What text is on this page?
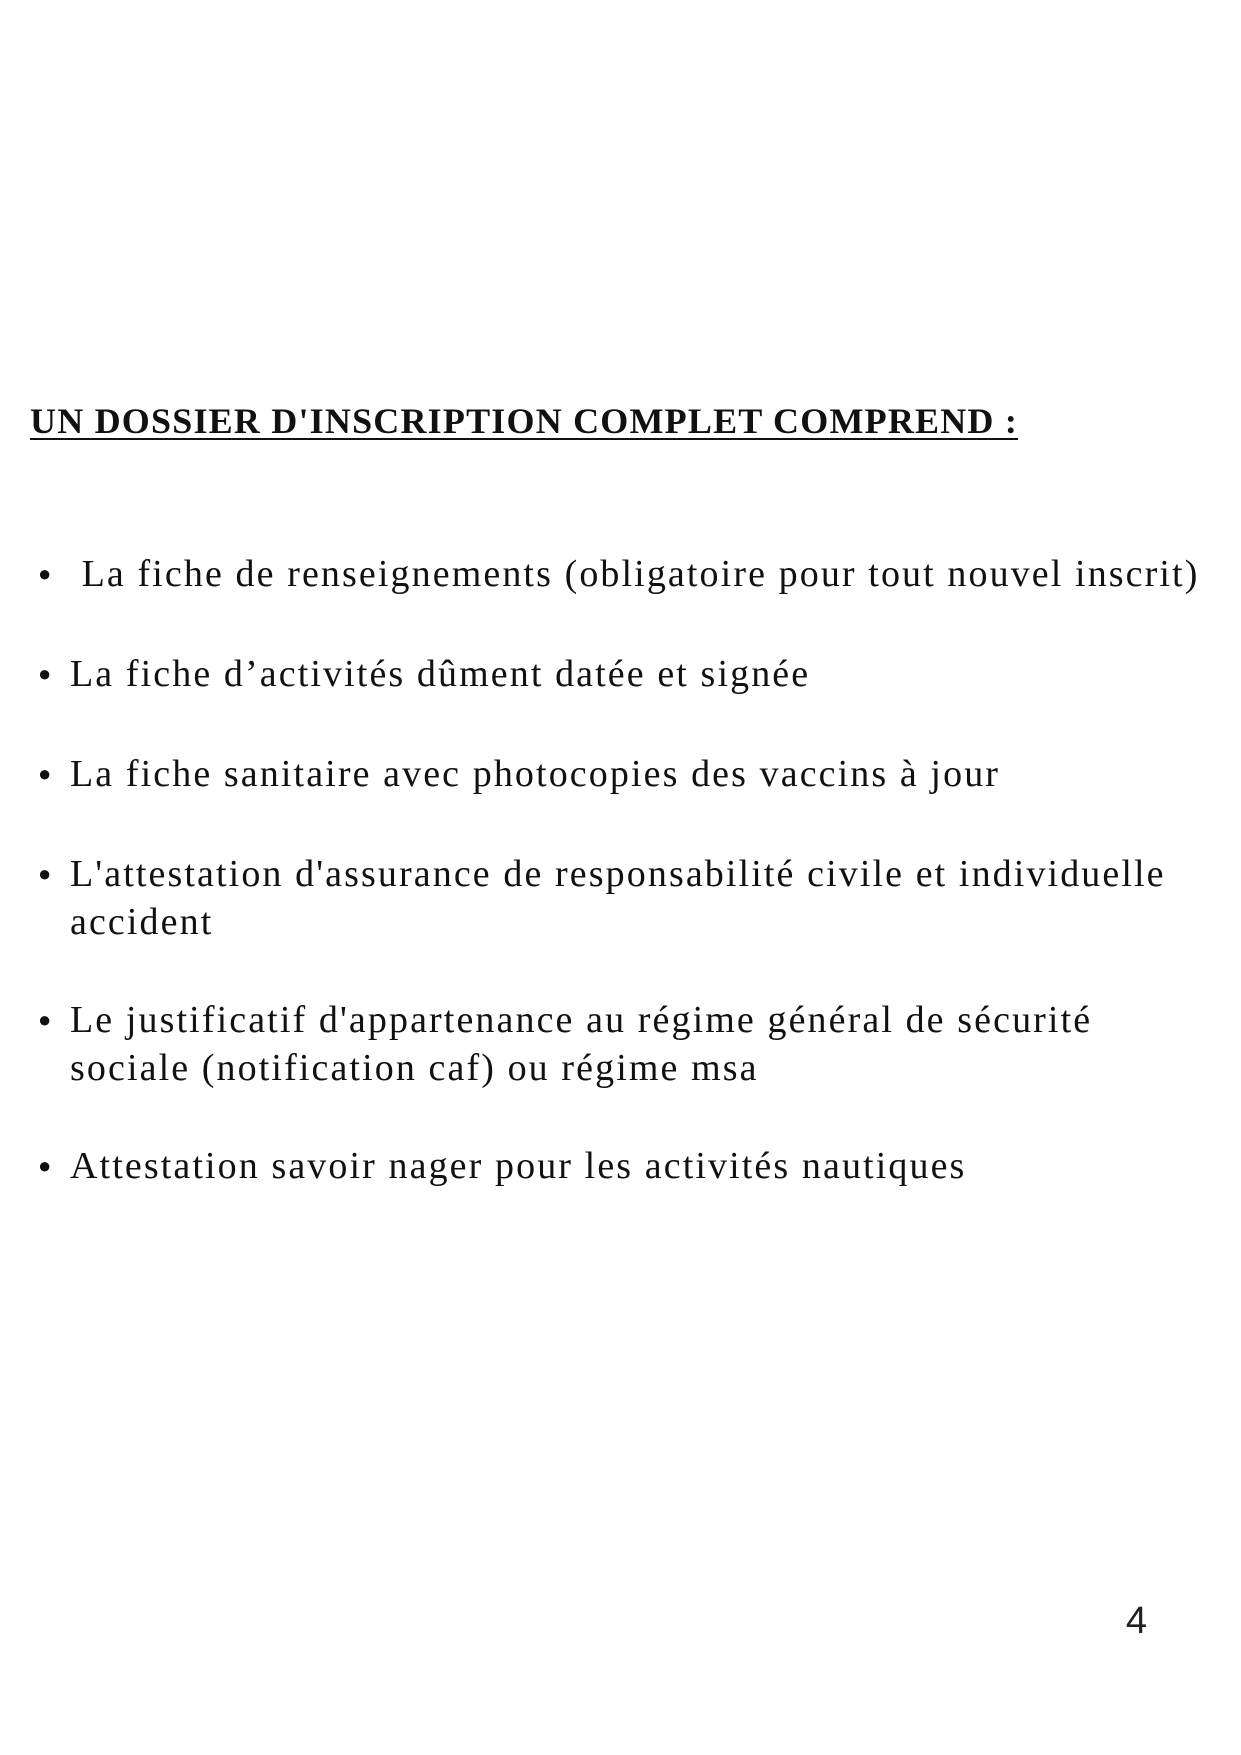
UN DOSSIER D'INSCRIPTION COMPLET COMPREND :
● La fiche de renseignements (obligatoire pour tout nouvel inscrit)
● La fiche d’activités dûment datée et signée
● La fiche sanitaire avec photocopies des vaccins à jour
● L'attestation d'assurance de responsabilité civile et individuelle accident
● Le justificatif d'appartenance au régime général de sécurité sociale (notification caf) ou régime msa
● Attestation savoir nager pour les activités nautiques
4
